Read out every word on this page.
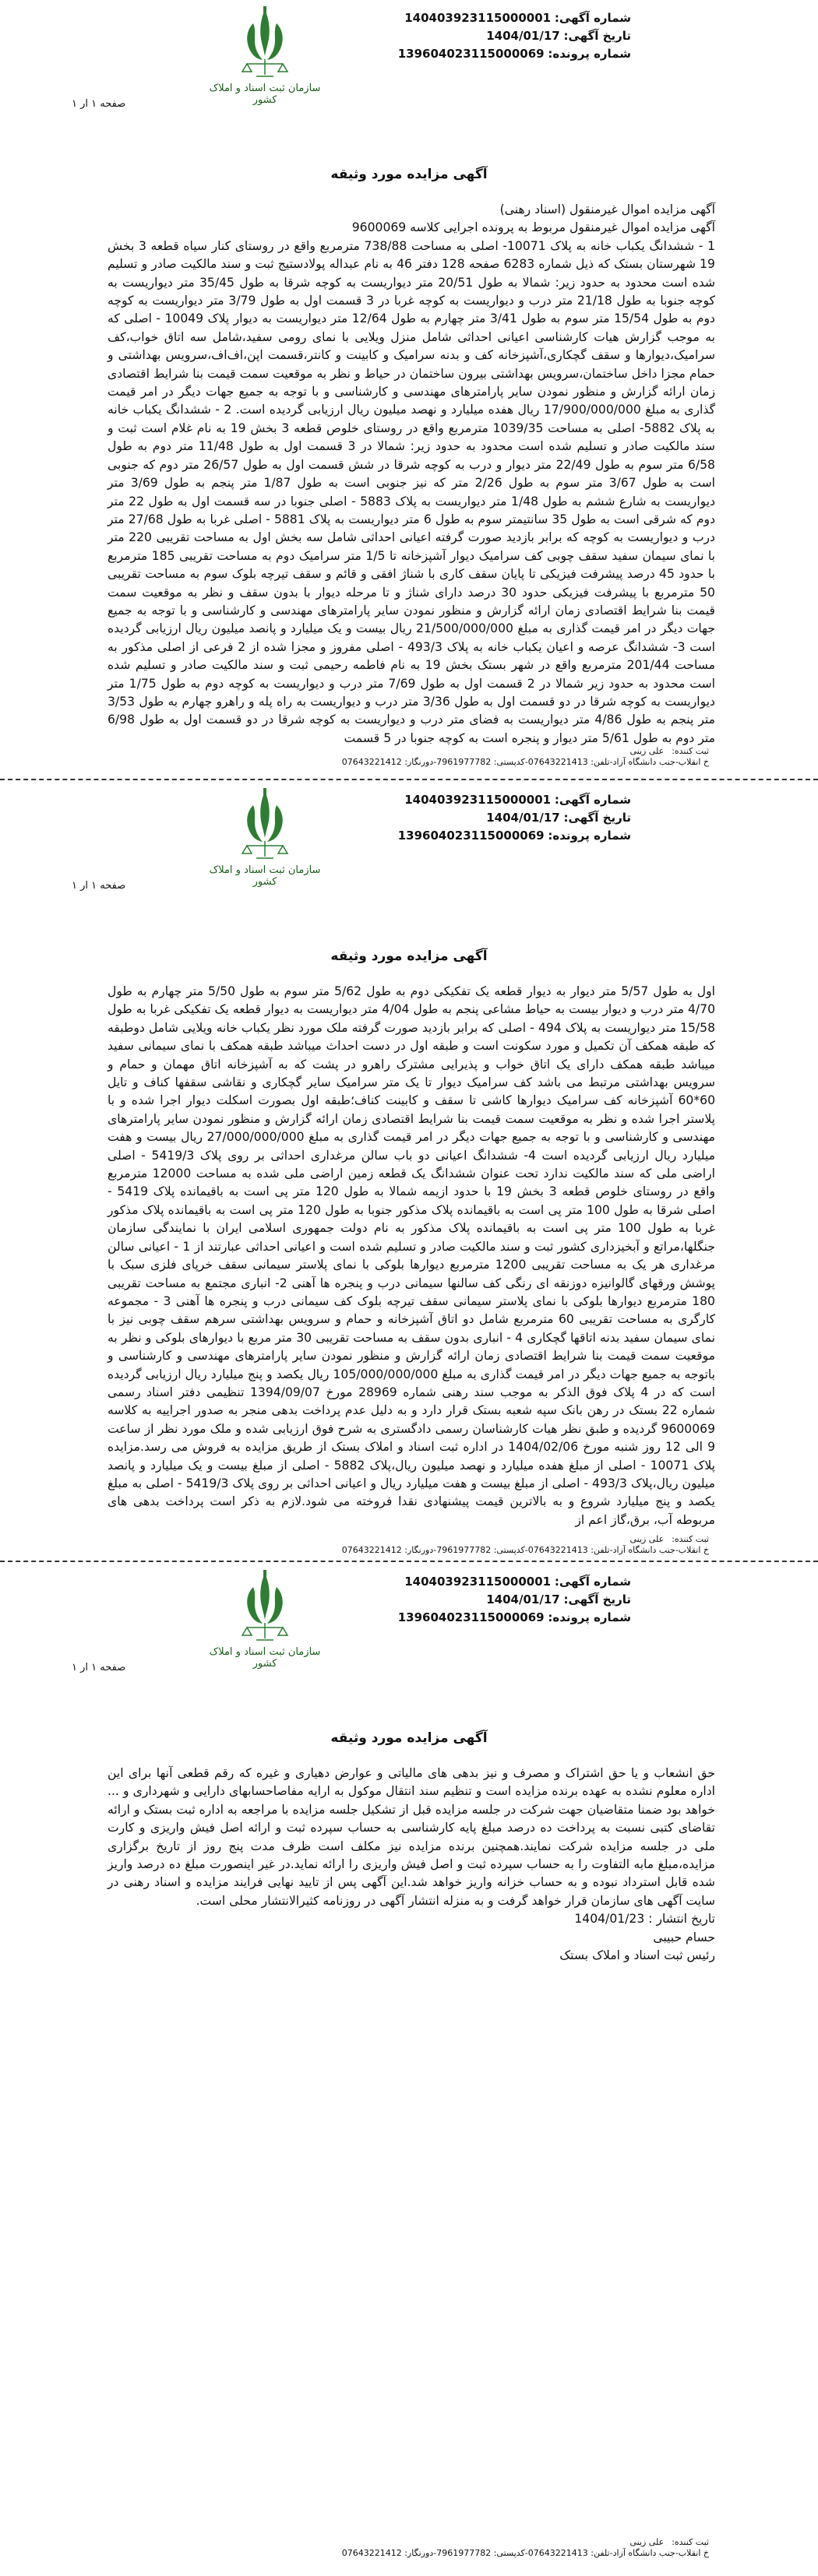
سازمان ثبت اسناد و املاک کشور
شماره آگهی: 140403923115000001
تاریخ آگهی: 1404/01/17
شماره پرونده: 139604023115000069
صفحه ۱ ار ۱
آگهی مزایده مورد وثیقه

آگهی مزایده اموال غیرمنقول (اسناد رهنی)

آگهی مزایده اموال غیرمنقول مربوط به پرونده اجرایی کلاسه 9600069

1 - ششدانگ یکباب خانه به پلاک 10071- اصلی به مساحت 738/88 مترمربع واقع در روستای کنار سیاه قطعه 3 بخش 19 شهرستان بستک که ذیل شماره 6283 صفحه 128 دفتر 46 به نام عبداله پولادستیج ثبت و سند مالکیت صادر و تسلیم شده است محدود به حدود زیر: شمالا به طول 20/51 متر دیواریست به کوچه شرقا به طول 35/45 متر دیواریست به کوچه جنوبا به طول 21/18 متر درب و دیواریست به کوچه غربا در 3 قسمت اول به طول 3/79 متر دیواریست به کوچه دوم به طول 15/54 متر سوم به طول 3/41 متر چهارم به طول 12/64 متر دیواریست به دیوار پلاک 10049 - اصلی که به موجب گزارش هیات کارشناسی اعیانی احداثی شامل منزل ویلایی با نمای رومی سفید،شامل سه اتاق خواب،کف سرامیک،دیوارها و سقف گچکاری،آشپزخانه کف و بدنه سرامیک و کابینت و کانتر،قسمت اپن،اف‌اف،سرویس بهداشتی و حمام مجزا داخل ساختمان،سرویس بهداشتی بیرون ساختمان در حیاط و نظر به موقعیت سمت قیمت بنا شرایط اقتصادی زمان ارائه گزارش و منظور نمودن سایر پارامترهای مهندسی و کارشناسی و با توجه به جمیع جهات دیگر در امر قیمت گذاری به مبلغ 17/900/000/000 ریال هفده میلیارد و نهصد میلیون ریال ارزیابی گردیده است. 2 - ششدانگ یکباب خانه به پلاک 5882- اصلی به مساحت 1039/35 مترمربع واقع در روستای خلوص قطعه 3 بخش 19 به نام غلام است ثبت و سند مالکیت صادر و تسلیم شده است محدود به حدود زیر: شمالا در 3 قسمت اول به طول 11/48 متر دوم به طول 6/58 متر سوم به طول 22/49 متر دیوار و درب به کوچه شرقا در شش قسمت اول به طول 26/57 متر دوم که جنوبی است به طول 3/67 متر سوم به طول 2/26 متر که نیز جنوبی است به طول 1/87 متر پنجم به طول 3/69 متر دیواریست به شارع ششم به طول 1/48 متر دیواریست به پلاک 5883 - اصلی جنوبا در سه قسمت اول به طول 22 متر دوم که شرقی است به طول 35 سانتیمتر سوم به طول 6 متر دیواریست به پلاک 5881 - اصلی غربا به طول 27/68 متر درب و دیواریست به کوچه که برابر بازدید صورت گرفته اعیانی احداثی شامل سه بخش اول به مساحت تقریبی 220 متر با نمای سیمان سفید سقف چوبی کف سرامیک دیوار آشپزخانه تا 1/5 متر سرامیک دوم به مساحت تقریبی 185 مترمربع با حدود 45 درصد پیشرفت فیزیکی تا پایان سقف کاری با شناژ افقی و قائم و سقف تیرچه بلوک سوم به مساحت تقریبی 50 مترمربع با پیشرفت فیزیکی حدود 30 درصد دارای شناژ و تا مرحله دیوار با بدون سقف و نظر به موقعیت سمت قیمت بنا شرایط اقتصادی زمان ارائه گزارش و منظور نمودن سایر پارامترهای مهندسی و کارشناسی و با توجه به جمیع جهات دیگر در امر قیمت گذاری به مبلغ 21/500/000/000 ریال بیست و یک میلیارد و پانصد میلیون ریال ارزیابی گردیده است 3- ششدانگ عرصه و اعیان یکباب خانه به پلاک 493/3 - اصلی مفروز و مجزا شده از 2 فرعی از اصلی مذکور به مساحت 201/44 مترمربع واقع در شهر بستک بخش 19 به نام فاطمه رحیمی ثبت و سند مالکیت صادر و تسلیم شده است محدود به حدود زیر شمالا در 2 قسمت اول به طول 7/69 متر درب و دیواریست به کوچه دوم به طول 1/75 متر دیواریست به کوچه شرقا در دو قسمت اول به طول 3/36 متر درب و دیواریست به راه پله و راهرو چهارم به طول 3/53 متر پنجم به طول 4/86 متر دیواریست به فضای متر درب و دیواریست به کوچه شرقا در دو قسمت اول به طول 6/98 متر دوم به طول 5/61 متر دیوار و پنجره است به کوچه جنوبا در 5 قسمت

ثبت کننده:
علی زینی
خ انقلاب-جنب دانشگاه آزاد-تلفن: 07643221413-کدپستی: 7961977782-دورنگار: 07643221412
سازمان ثبت اسناد و املاک کشور
شماره آگهی: 140403923115000001
تاریخ آگهی: 1404/01/17
شماره پرونده: 139604023115000069
صفحه ۱ ار ۱
آگهی مزایده مورد وثیقه

اول به طول 5/57 متر دیوار به دیوار قطعه یک تفکیکی دوم به طول 5/62 متر سوم به طول 5/50 متر چهارم به طول 4/70 متر درب و دیوار بیست به حیاط مشاعی پنجم به طول 4/04 متر دیواریست به دیوار قطعه یک تفکیکی غربا به طول 15/58 متر دیواریست به پلاک 494 - اصلی که برابر بازدید صورت گرفته ملک مورد نظر یکباب خانه ویلایی شامل دوطبقه که طبقه همکف آن تکمیل و مورد سکونت است و طبقه اول در دست احداث میباشد طبقه همکف با نمای سیمانی سفید میباشد طبقه همکف دارای یک اتاق خواب و پذیرایی مشترک راهرو در پشت که به آشپزخانه اتاق مهمان و حمام و سرویس بهداشتی مرتبط می باشد کف سرامیک دیوار تا یک متر سرامیک سایر گچکاری و نقاشی سقفها کناف و تایل 60*60 آشپزخانه کف سرامیک دیوارها کاشی تا سقف و کابینت کناف؛طبقه اول بصورت اسکلت دیوار اجرا شده و با پلاستر اجرا شده و نظر به موقعیت سمت قیمت بنا شرایط اقتصادی زمان ارائه گزارش و منظور نمودن سایر پارامترهای مهندسی و کارشناسی و با توجه به جمیع جهات دیگر در امر قیمت گذاری به مبلغ 27/000/000/000 ریال بیست و هفت میلیارد ریال ارزیابی گردیده است 4- ششدانگ اعیانی دو باب سالن مرغداری احداثی بر روی پلاک 5419/3 - اصلی اراضی ملی که سند مالکیت ندارد تحت عنوان ششدانگ یک قطعه زمین اراضی ملی شده به مساحت 12000 مترمربع واقع در روستای خلوص قطعه 3 بخش 19 با حدود ازیمه شمالا به طول 120 متر پی است به باقیمانده پلاک 5419 - اصلی شرقا به طول 100 متر پی است به باقیمانده پلاک مذکور جنوبا به طول 120 متر پی است به باقیمانده پلاک مذکور غربا به طول 100 متر پی است به باقیمانده پلاک مذکور به نام دولت جمهوری اسلامی ایران با نمایندگی سازمان جنگلها،مراتع و آبخیزداری کشور ثبت و سند مالکیت صادر و تسلیم شده است و اعیانی احداثی عبارتند از 1 - اعیانی سالن مرغداری هر یک به مساحت تقریبی 1200 مترمربع دیوارها بلوکی با نمای پلاستر سیمانی سقف خرپای فلزی سبک با پوشش ورقهای گالوانیزه دوزنقه ای رنگی کف سالنها سیمانی درب و پنجره ها آهنی 2- انباری مجتمع به مساحت تقریبی 180 مترمربع دیوارها بلوکی با نمای پلاستر سیمانی سقف تیرچه بلوک کف سیمانی درب و پنجره ها آهنی 3 - مجموعه کارگری به مساحت تقریبی 60 مترمربع شامل دو اتاق آشپزخانه و حمام و سرویس بهداشتی سرهم سقف چوبی نیز با نمای سیمان سفید بدنه اتاقها گچکاری 4 - انباری بدون سقف به مساحت تقریبی 30 متر مربع با دیوارهای بلوکی و نظر به موقعیت سمت قیمت بنا شرایط اقتصادی زمان ارائه گزارش و منظور نمودن سایر پارامترهای مهندسی و کارشناسی و باتوجه به جمیع جهات دیگر در امر قیمت گذاری به مبلغ 105/000/000/000 ریال یکصد و پنج میلیارد ریال ارزیابی گردیده است که در 4 پلاک فوق الذکر به موجب سند رهنی شماره 28969 مورخ 1394/09/07 تنظیمی دفتر اسناد رسمی شماره 22 بستک در رهن بانک سپه شعبه بستک قرار دارد و به دلیل عدم پرداخت بدهی منجر به صدور اجراییه به کلاسه 9600069 گردیده و طبق نظر هیات کارشناسان رسمی دادگستری به شرح فوق ارزیابی شده و ملک مورد نظر از ساعت 9 الی 12 روز شنبه مورخ 1404/02/06 در اداره ثبت اسناد و املاک بستک از طریق مزایده به فروش می رسد.مزایده پلاک 10071 - اصلی از مبلغ هفده میلیارد و نهصد میلیون ریال،پلاک 5882 - اصلی از مبلغ بیست و یک میلیارد و پانصد میلیون ریال،پلاک 493/3 - اصلی از مبلغ بیست و هفت میلیارد ریال و اعیانی احداثی بر روی پلاک 5419/3 - اصلی به مبلغ یکصد و پنج میلیارد شروع و به بالاترین قیمت پیشنهادی نقدا فروخته می شود.لازم به ذکر است پرداخت بدهی های مربوطه آب، برق،گاز اعم از

ثبت کننده:
علی زینی
خ انقلاب-جنب دانشگاه آزاد-تلفن: 07643221413-کدپستی: 7961977782-دورنگار: 07643221412
سازمان ثبت اسناد و املاک کشور
شماره آگهی: 140403923115000001
تاریخ آگهی: 1404/01/17
شماره پرونده: 139604023115000069
صفحه ۱ ار ۱
آگهی مزایده مورد وثیقه

حق انشعاب و یا حق اشتراک و مصرف و نیز بدهی های مالیاتی و عوارض دهیاری و غیره که رقم قطعی آنها برای این اداره معلوم نشده به عهده برنده مزایده است و تنظیم سند انتقال موکول به ارایه مفاصاحسابهای دارایی و شهرداری و ... خواهد بود ضمنا متقاضیان جهت شرکت در جلسه مزایده قبل از تشکیل جلسه مزایده با مراجعه به اداره ثبت بستک و ارائه تقاضای کتبی نسبت به پرداخت ده درصد مبلغ پایه کارشناسی به حساب سپرده ثبت و ارائه اصل فیش واریزی و کارت ملی در جلسه مزایده شرکت نمایند.همچنین برنده مزایده نیز مکلف است ظرف مدت پنج روز از تاریخ برگزاری مزایده،مبلغ مابه التفاوت را به حساب سپرده ثبت و اصل فیش واریزی را ارائه نماید.در غیر اینصورت مبلغ ده درصد واریز شده قابل استرداد نبوده و به حساب خزانه واریز خواهد شد.این آگهی پس از تایید نهایی فرایند مزایده و اسناد رهنی در سایت آگهی های سازمان قرار خواهد گرفت و به منزله انتشار آگهی در روزنامه کثیرالانتشار محلی است.

تاریخ انتشار : 1404/01/23

حسام حبیبی

رئیس ثبت اسناد و املاک بستک

ثبت کننده:
علی زینی
خ انقلاب-جنب دانشگاه آزاد-تلفن: 07643221413-کدپستی: 7961977782-دورنگار: 07643221412
